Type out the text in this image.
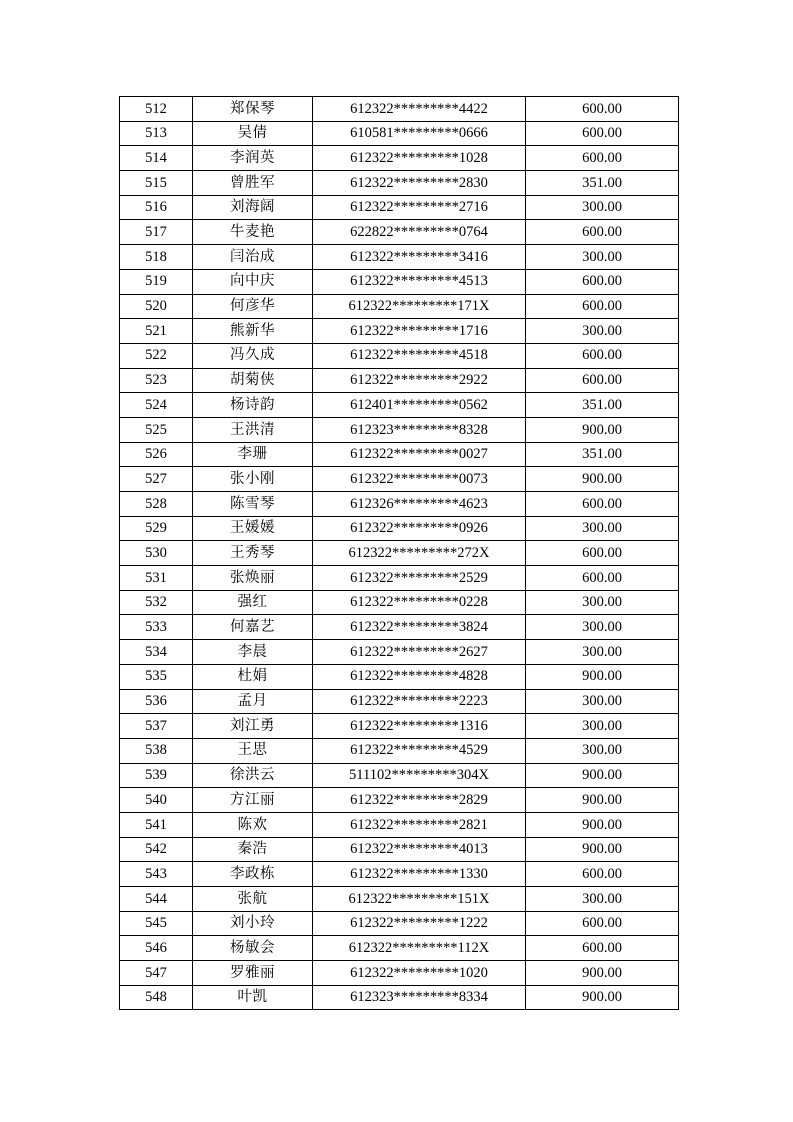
512	郑保琴	612322*********4422	600.00
513	吴倩	610581*********0666	600.00
514	李润英	612322*********1028	600.00
515	曾胜军	612322*********2830	351.00
516	刘海阔	612322*********2716	300.00
517	牛麦艳	622822*********0764	600.00
518	闫治成	612322*********3416	300.00
519	向中庆	612322*********4513	600.00
520	何彦华	612322*********171X	600.00
521	熊新华	612322*********1716	300.00
522	冯久成	612322*********4518	600.00
523	胡菊侠	612322*********2922	600.00
524	杨诗韵	612401*********0562	351.00
525	王洪清	612323*********8328	900.00
526	李珊	612322*********0027	351.00
527	张小刚	612322*********0073	900.00
528	陈雪琴	612326*********4623	600.00
529	王媛媛	612322*********0926	300.00
530	王秀琴	612322*********272X	600.00
531	张焕丽	612322*********2529	600.00
532	强红	612322*********0228	300.00
533	何嘉艺	612322*********3824	300.00
534	李晨	612322*********2627	300.00
535	杜娟	612322*********4828	900.00
536	孟月	612322*********2223	300.00
537	刘江勇	612322*********1316	300.00
538	王思	612322*********4529	300.00
539	徐洪云	511102*********304X	900.00
540	方江丽	612322*********2829	900.00
541	陈欢	612322*********2821	900.00
542	秦浩	612322*********4013	900.00
543	李政栋	612322*********1330	600.00
544	张航	612322*********151X	300.00
545	刘小玲	612322*********1222	600.00
546	杨敏会	612322*********112X	600.00
547	罗雅丽	612322*********1020	900.00
548	叶凯	612323*********8334	900.00
